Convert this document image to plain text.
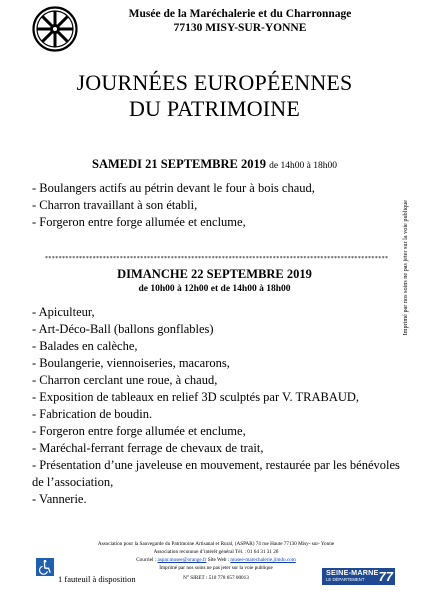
Musée de la Maréchalerie et du Charronnage
77130 MISY-SUR-YONNE
JOURNÉES EUROPÉENNES
DU PATRIMOINE
SAMEDI 21 SEPTEMBRE 2019 de 14h00 à 18h00
- Boulangers actifs au pétrin devant le four à bois chaud,
- Charron travaillant à son établi,
- Forgeron entre forge allumée et enclume,
*****************************************************************************************************
DIMANCHE 22 SEPTEMBRE 2019
de 10h00 à 12h00 et de 14h00 à 18h00
- Apiculteur,
- Art-Déco-Ball (ballons gonflables)
- Balades en calèche,
- Boulangerie, viennoiseries, macarons,
- Charron cerclant une roue, à chaud,
- Exposition de tableaux en relief 3D sculptés par V. TRABAUD,
- Fabrication de boudin.
- Forgeron entre forge allumée et enclume,
- Maréchal-ferrant ferrage de chevaux de trait,
- Présentation d’une javeleuse en mouvement, restaurée par les bénévoles de l’association,
- Vannerie.
Imprimé par nos soins ne pas jeter sur la voie publique
Association pour la Sauvegarde du Patrimoine Artisanal et Rural, (ASPAR) 74 rue Haute 77130 Misy- sur- Yonne
Association reconnue d’intérêt général Tél. : 01 64 31 31 26
Courriel : aspar.musee@orange.fr Site Web : musee-marechalerie.jimdo.com
Imprimé par nos soins ne pas jeter sur la voie publique
N° SIRET : 510 778 657 00013
1 fauteuil à disposition
SEINE-MARNE
LE DÉPARTEMENT 77
